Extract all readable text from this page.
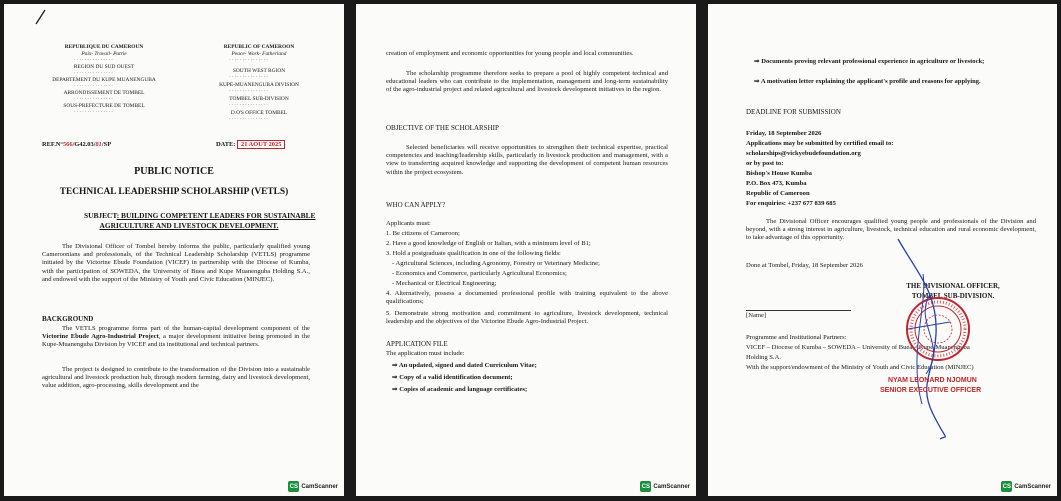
REPUBLIQUE DU CAMEROUN
Paix- Travail- Patrie
···············
REGION DU SUD OUEST
···············
DEPARTEMENT DU KUPE MUANENGUBA
···············
ARRONDISSEMENT DE TOMBEL
···············
SOUS-PREFECTURE DE TOMBEL
···············
REPUBLIC OF CAMEROON
Peace- Work- Fatherland
···············
SOUTH WEST RGION
···············
KUPE-MUANENGUBA DIVISION
···············
TOMBEL SUB-DIVISION
···············
D.O'S OFFICE TOMBEL
···············
REF.N°566/G42.03/81/SP	DATE: 21 AOUT 2025
PUBLIC NOTICE
TECHNICAL LEADERSHIP SCHOLARSHIP (VETLS)
SUBJECT: BUILDING COMPETENT LEADERS FOR SUSTAINABLE
AGRICULTURE AND LIVESTOCK DEVELOPMENT.
The Divisional Officer of Tombel hereby informs the public, particularly qualified young Cameroonians and professionals, of the Technical Leadership Scholarship (VETLS) programme initiated by the Victorine Ebude Foundation (VICEF) in partnership with the Diocese of Kumba, with the participation of SOWEDA, the University of Buea and Kupe Muanenguba Holding S.A., and endowed with the support of the Ministry of Youth and Civic Education (MINJEC).
BACKGROUND
The VETLS programme forms part of the human-capital development component of the Victorine Ebude Agro-Industrial Project, a major development initiative being promoted in the Kupe-Muanenguba Division by VICEF and its institutional and technical partners.
The project is designed to contribute to the transformation of the Division into a sustainable agricultural and livestock production hub, through modern farming, dairy and livestock development, value addition, agro-processing, skills development and the
CS CamScanner
creation of employment and economic opportunities for young people and local communities.
The scholarship programme therefore seeks to prepare a pool of highly competent technical and educational leaders who can contribute to the implementation, management and long-term sustainability of the agro-industrial project and related agricultural and livestock development initiatives in the region.
OBJECTIVE OF THE SCHOLARSHIP
Selected beneficiaries will receive opportunities to strengthen their technical expertise, practical competencies and teaching/leadership skills, particularly in livestock production and management, with a view to transferring acquired knowledge and supporting the development of competent human resources within the project ecosystem.
WHO CAN APPLY?
Applicants must:
1. Be citizens of Cameroon;
2. Have a good knowledge of English or Italian, with a minimum level of B1;
3. Hold a postgraduate qualification in one of the following fields:
- Agricultural Sciences, including Agronomy, Forestry or Veterinary Medicine;
- Economics and Commerce, particularly Agricultural Economics;
- Mechanical or Electrical Engineering;
4. Alternatively, possess a documented professional profile with training equivalent to the above qualifications;
5. Demonstrate strong motivation and commitment to agriculture, livestock development, technical leadership and the objectives of the Victorine Ebude Agro-Industrial Project.
APPLICATION FILE
The application must include:
⇒ An updated, signed and dated Curriculum Vitae;
⇒ Copy of a valid identification document;
⇒ Copies of academic and language certificates;
CS CamScanner
⇒ Documents proving relevant professional experience in agriculture or livestock;
⇒ A motivation letter explaining the applicant's profile and reasons for applying.
DEADLINE FOR SUBMISSION
Friday, 18 September 2026
Applications may be submitted by certified email to:
scholarships@vickyebudefoundation.org
or by post to:
Bishop's House Kumba
P.O. Box 473, Kumba
Republic of Cameroon
For enquiries: +237 677 839 685
The Divisional Officer encourages qualified young people and professionals of the Division and beyond, with a strong interest in agriculture, livestock, technical education and rural economic development, to take advantage of this opportunity.
Done at Tombel, Friday, 18 September 2026
THE DIVISIONAL OFFICER,
TOMBEL SUB-DIVISION.
[Name]
Programme and Institutional Partners:
VICEF – Diocese of Kumba – SOWEDA – University of Buea – Kupe-Muanenguba
Holding S.A.
With the support/endowment of the Ministry of Youth and Civic Education (MINJEC)
NYAM LEONARD NJOMUN
SENIOR EXECUTIVE OFFICER
CS CamScanner
